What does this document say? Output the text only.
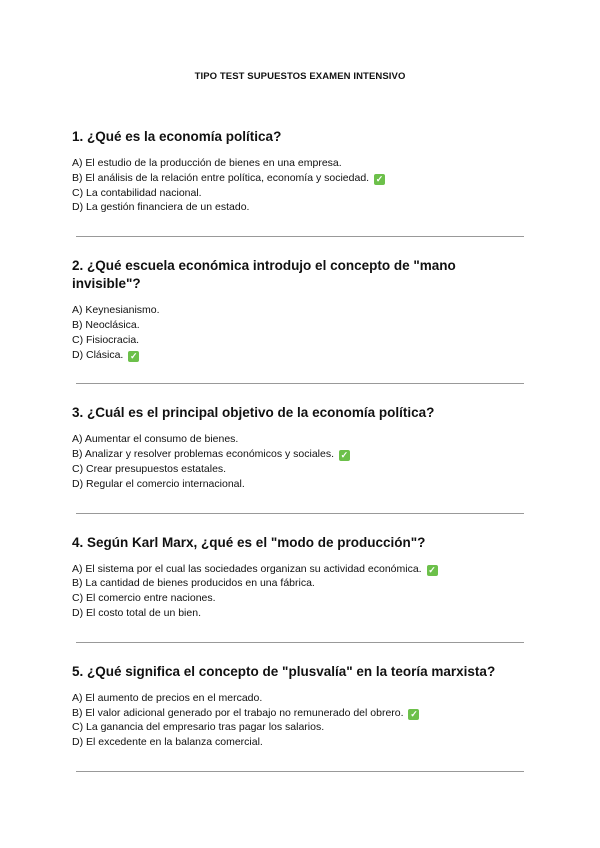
TIPO TEST SUPUESTOS EXAMEN INTENSIVO
1. ¿Qué es la economía política?
A) El estudio de la producción de bienes en una empresa.
B) El análisis de la relación entre política, economía y sociedad. ✓
C) La contabilidad nacional.
D) La gestión financiera de un estado.
2. ¿Qué escuela económica introdujo el concepto de "mano invisible"?
A) Keynesianismo.
B) Neoclásica.
C) Fisiocracia.
D) Clásica. ✓
3. ¿Cuál es el principal objetivo de la economía política?
A) Aumentar el consumo de bienes.
B) Analizar y resolver problemas económicos y sociales. ✓
C) Crear presupuestos estatales.
D) Regular el comercio internacional.
4. Según Karl Marx, ¿qué es el "modo de producción"?
A) El sistema por el cual las sociedades organizan su actividad económica. ✓
B) La cantidad de bienes producidos en una fábrica.
C) El comercio entre naciones.
D) El costo total de un bien.
5. ¿Qué significa el concepto de "plusvalía" en la teoría marxista?
A) El aumento de precios en el mercado.
B) El valor adicional generado por el trabajo no remunerado del obrero. ✓
C) La ganancia del empresario tras pagar los salarios.
D) El excedente en la balanza comercial.
